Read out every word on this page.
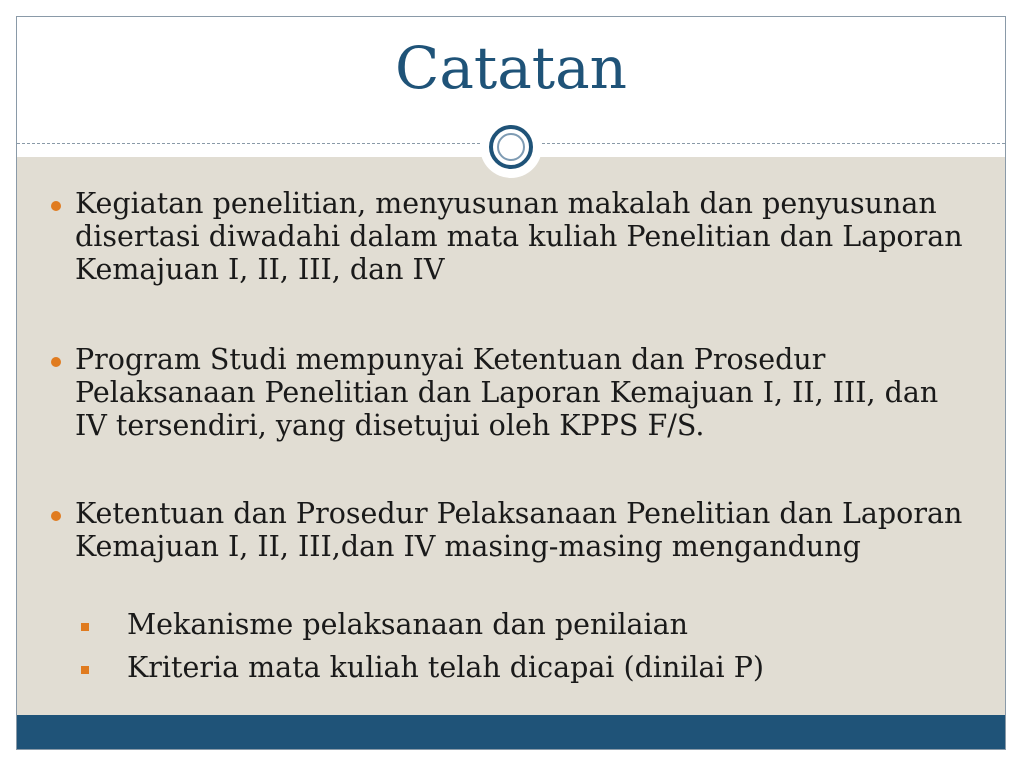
Catatan
Kegiatan penelitian, menyusunan makalah dan penyusunan disertasi diwadahi dalam mata kuliah Penelitian dan Laporan Kemajuan I, II, III, dan IV
Program Studi mempunyai Ketentuan dan Prosedur Pelaksanaan Penelitian dan Laporan Kemajuan I, II, III, dan IV tersendiri, yang disetujui oleh KPPS F/S.
Ketentuan dan Prosedur Pelaksanaan Penelitian dan Laporan Kemajuan I, II, III,dan IV masing-masing mengandung
Mekanisme pelaksanaan dan penilaian
Kriteria mata kuliah telah dicapai (dinilai P)
